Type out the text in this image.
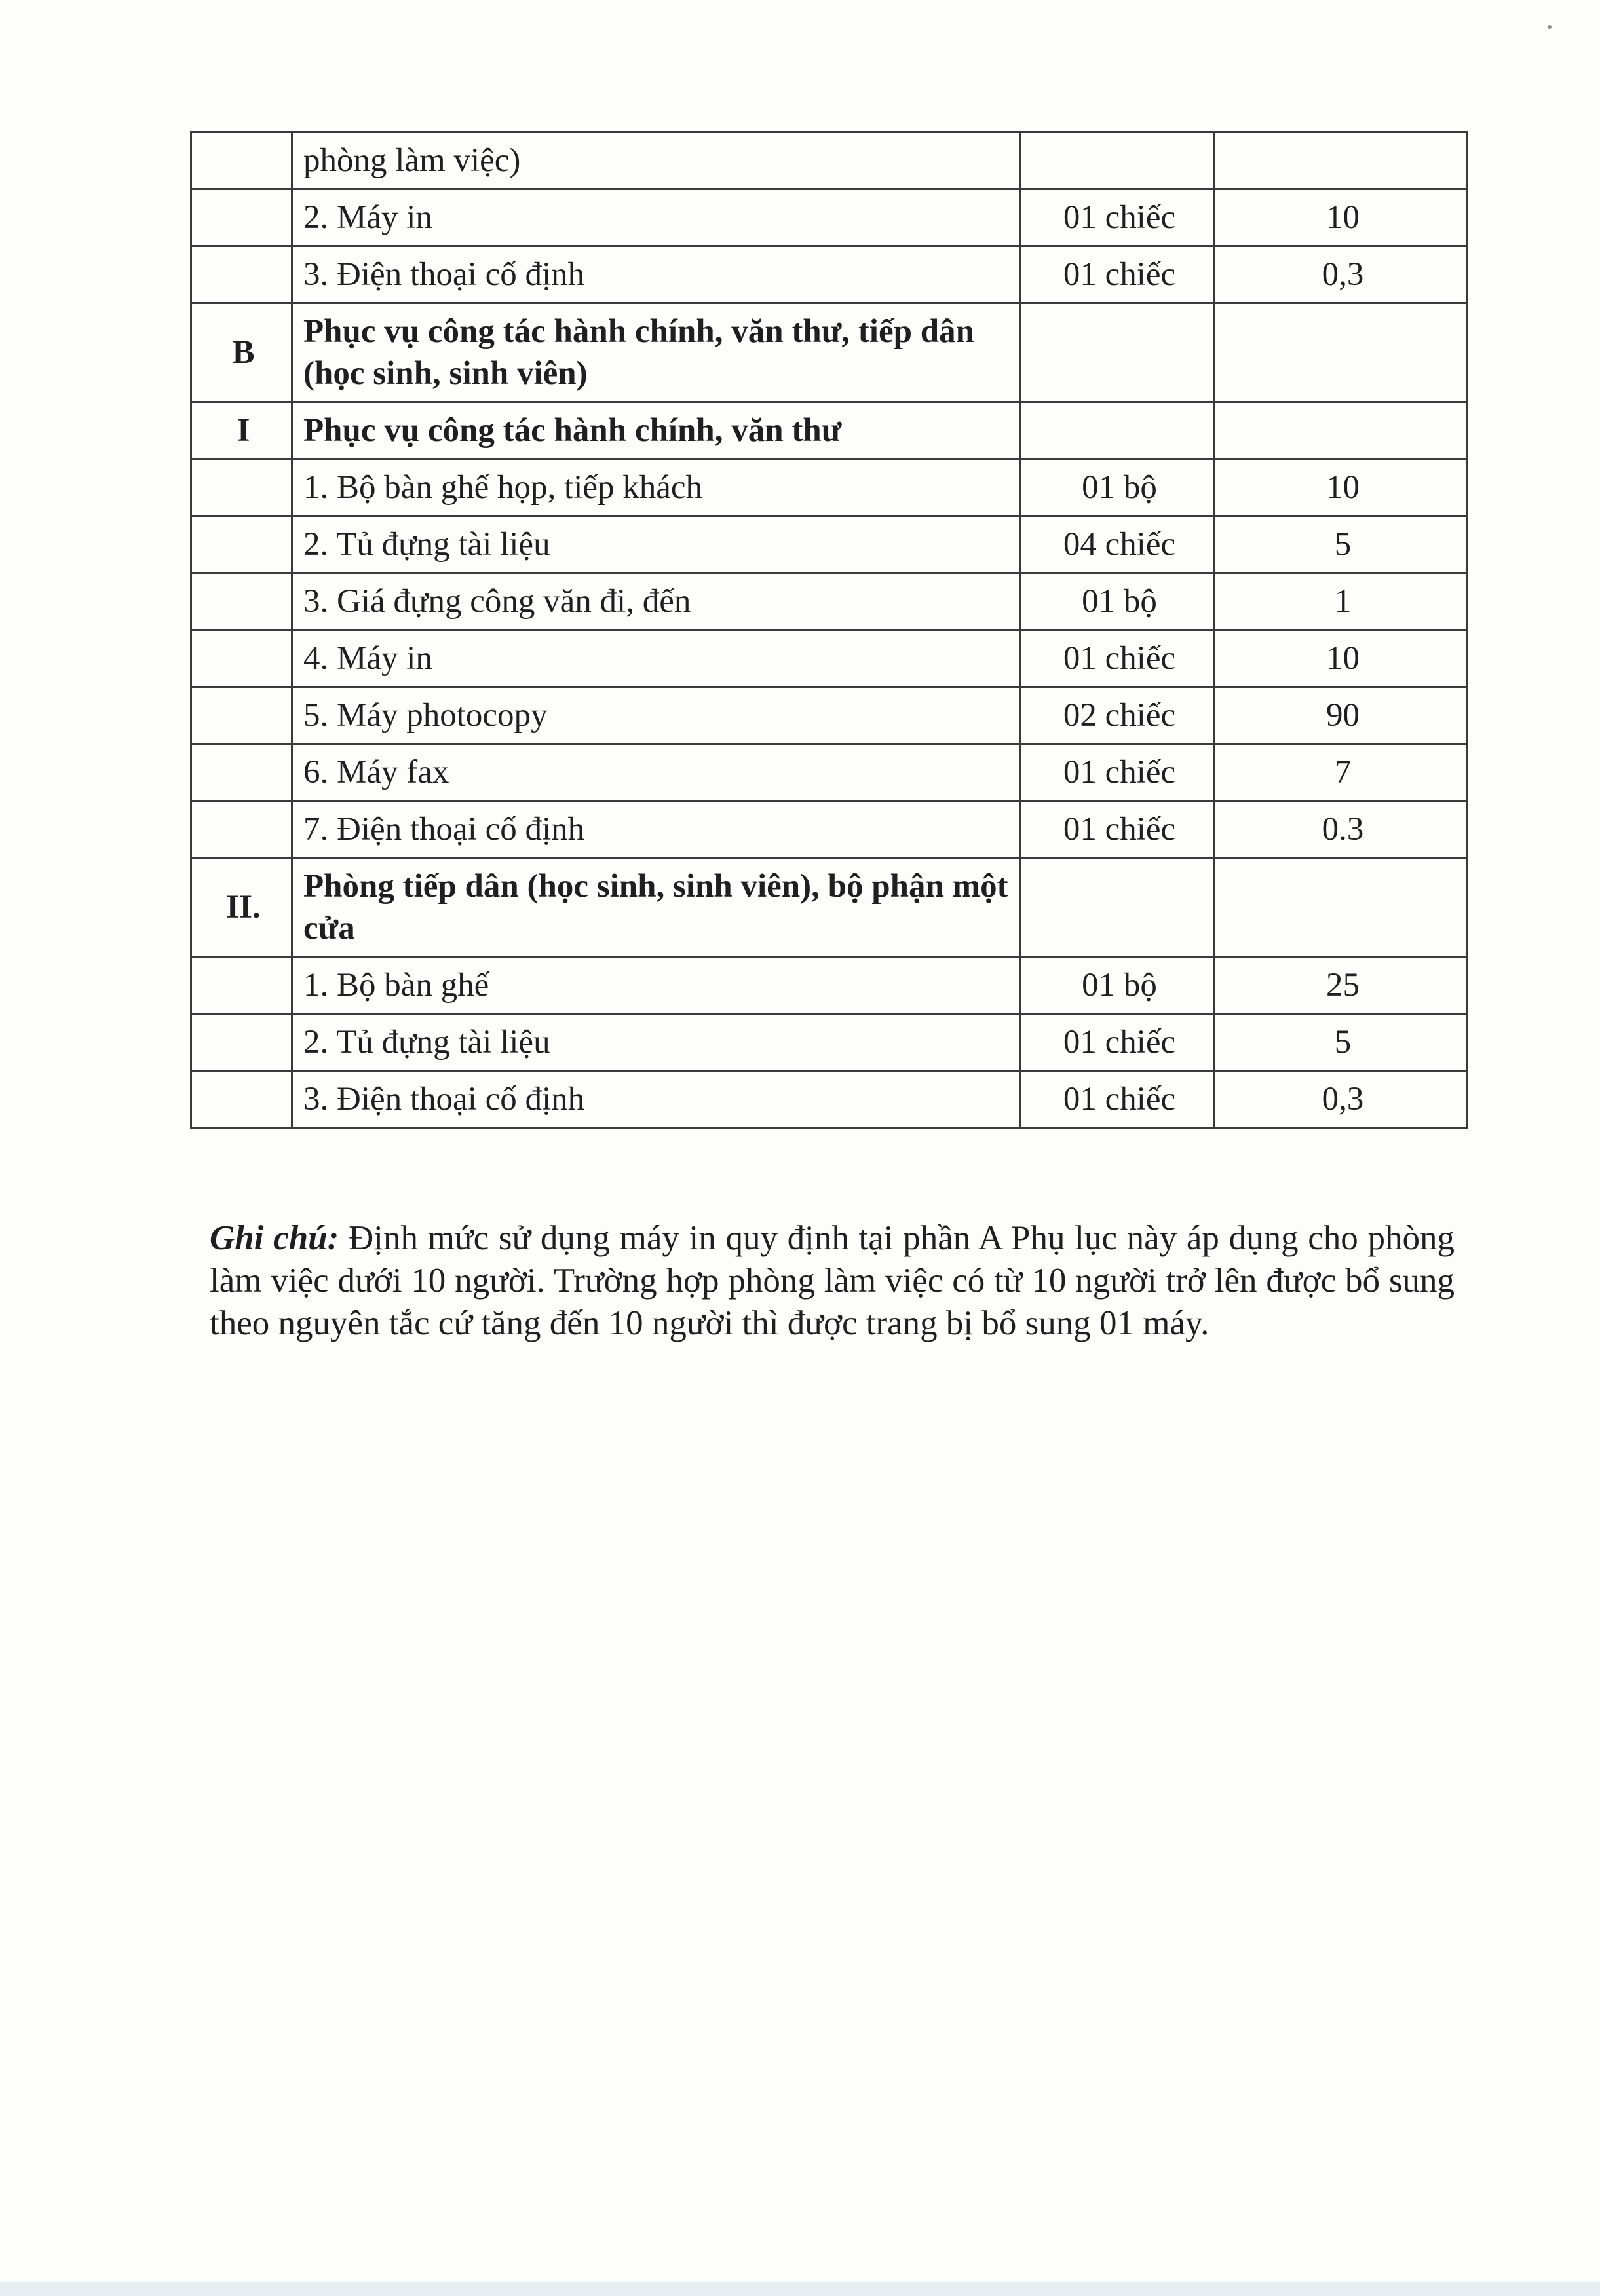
	phòng làm việc)		
	2. Máy in	01 chiếc	10
	3. Điện thoại cố định	01 chiếc	0,3
B	Phục vụ công tác hành chính, văn thư, tiếp dân (học sinh, sinh viên)		
I	Phục vụ công tác hành chính, văn thư		
	1. Bộ bàn ghế họp, tiếp khách	01 bộ	10
	2. Tủ đựng tài liệu	04 chiếc	5
	3. Giá đựng công văn đi, đến	01 bộ	1
	4. Máy in	01 chiếc	10
	5. Máy photocopy	02 chiếc	90
	6. Máy fax	01 chiếc	7
	7. Điện thoại cố định	01 chiếc	0.3
II.	Phòng tiếp dân (học sinh, sinh viên), bộ phận một cửa		
	1. Bộ bàn ghế	01 bộ	25
	2. Tủ đựng tài liệu	01 chiếc	5
	3. Điện thoại cố định	01 chiếc	0,3

Ghi chú: Định mức sử dụng máy in quy định tại phần A Phụ lục này áp dụng cho phòng làm việc dưới 10 người. Trường hợp phòng làm việc có từ 10 người trở lên được bổ sung theo nguyên tắc cứ tăng đến 10 người thì được trang bị bổ sung 01 máy.
